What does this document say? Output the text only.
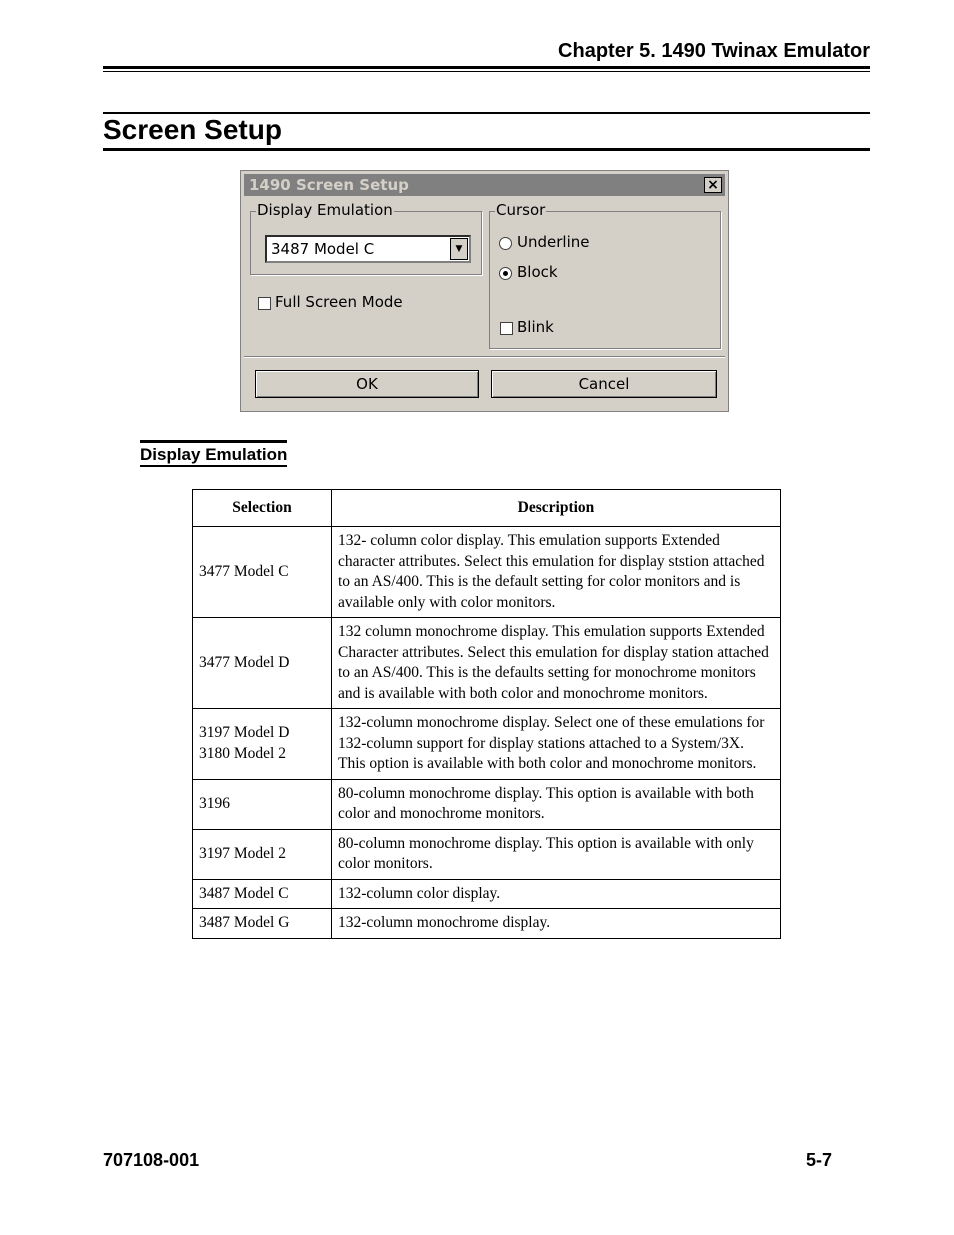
Chapter 5. 1490 Twinax Emulator
Screen Setup
1490 Screen Setup	×
Display Emulation
3487 Model C	▼
Full Screen Mode
Cursor
Underline
Block
Blink
OK	Cancel
Display Emulation
Selection	Description
3477 Model C	132- column color display. This emulation supports Extended character attributes. Select this emulation for display ststion attached to an AS/400. This is the default setting for color monitors and is available only with color monitors.
3477 Model D	132 column monochrome display. This emulation supports Extended Character attributes. Select this emulation for display station attached to an AS/400. This is the defaults setting for monochrome monitors and is available with both color and monochrome monitors.
3197 Model D
3180 Model 2	132-column monochrome display. Select one of these emulations for 132-column support for display stations attached to a System/3X. This option is available with both color and monochrome monitors.
3196	80-column monochrome display. This option is available with both color and monochrome monitors.
3197 Model 2	80-column monochrome display. This option is available with only color monitors.
3487 Model C	132-column color display.
3487 Model G	132-column monochrome display.
707108-001	5-7
